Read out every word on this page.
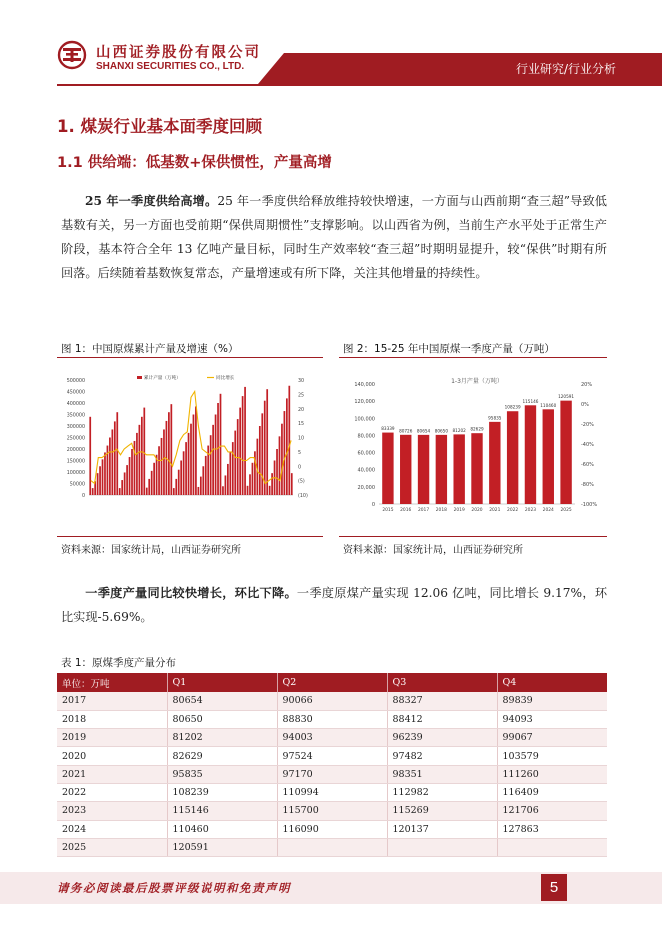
山西证券股份有限公司
SHANXI SECURITIES CO., LTD.	行业研究/行业分析
1. 煤炭行业基本面季度回顾
1.1 供给端：低基数+保供惯性，产量高增

25 年一季度供给高增。25 年一季度供给释放维持较快增速，一方面与山西前期“查三超”导致低基数有关，另一方面也受前期“保供周期惯性”支撑影响。以山西省为例，当前生产水平处于正常生产阶段，基本符合全年 13 亿吨产量目标，同时生产效率较“查三超”时期明显提升，较“保供”时期有所回落。后续随着基数恢复常态，产量增速或有所下降，关注其他增量的持续性。

图 1：中国原煤累计产量及增速（%）
500000
450000
400000
350000
300000
250000
200000
150000
100000
50000
0
30
25
20
15
10
5
0
(5)
(10)
累计产量（万吨）	同比增长
资料来源：国家统计局，山西证券研究所
图 2：15-25 年中国原煤一季度产量（万吨）
140,000
120,000
100,000
80,000
60,000
40,000
20,000
0
20%
0%
-20%
-40%
-60%
-80%
-100%
1-3月产量（万吨）
83339
2015
80726
2016
80654
2017
80650
2018
81202
2019
82629
2020
95835
2021
108239
2022
115146
2023
110460
2024
120591
2025
资料来源：国家统计局，山西证券研究所

一季度产量同比较快增长，环比下降。一季度原煤产量实现 12.06 亿吨，同比增长 9.17%，环比实现-5.69%。

表 1：原煤季度产量分布
单位：万吨	Q1	Q2	Q3	Q4
2017	80654	90066	88327	89839
2018	80650	88830	88412	94093
2019	81202	94003	96239	99067
2020	82629	97524	97482	103579
2021	95835	97170	98351	111260
2022	108239	110994	112982	116409
2023	115146	115700	115269	121706
2024	110460	116090	120137	127863
2025	120591			
请务必阅读最后股票评级说明和免责声明	5
